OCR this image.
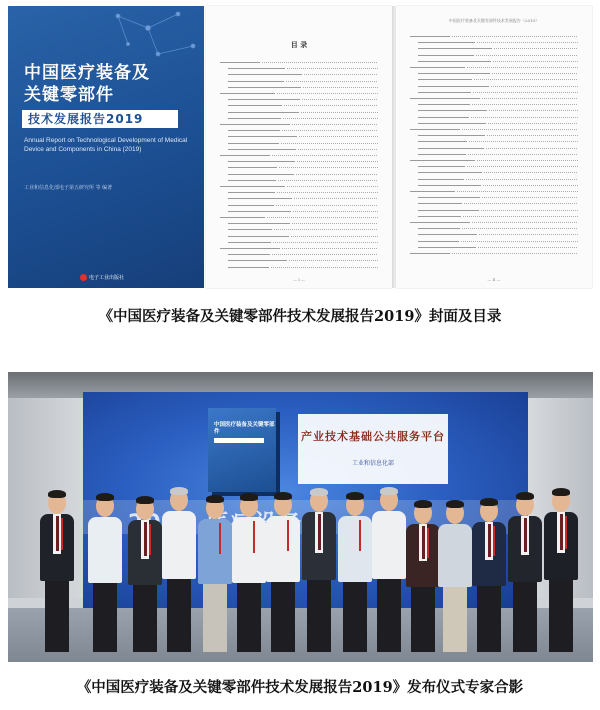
中国医疗装备及
关键零部件
技术发展报告2019
Annual Report on Technological Development of Medical Device and Components in China (2019)
工业和信息化部电子第五研究所 等 编著
电子工业出版社
目 录
— Ⅰ —
中国医疗装备及关键零部件技术发展报告（2019）
— Ⅱ —
《中国医疗装备及关键零部件技术发展报告2019》封面及目录
中国医疗装备及关键零部件	产业技术基础公共服务平台
工业和信息化部
《中国医疗装备及关键零部件技术发展报告2019》发布仪式专家合影
